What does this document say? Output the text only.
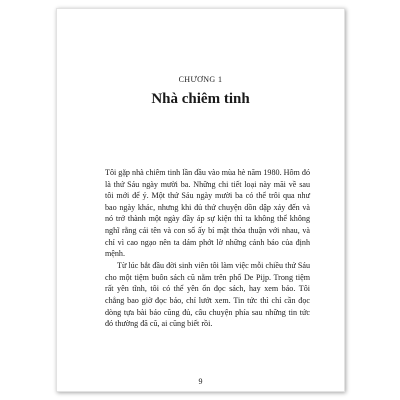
CHƯƠNG 1
Nhà chiêm tinh

Tôi gặp nhà chiêm tinh lần đầu vào mùa hè năm 1980. Hôm đó là thứ Sáu ngày mười ba. Những chi tiết loại này mãi về sau tôi mới để ý. Một thứ Sáu ngày mười ba có thể trôi qua như bao ngày khác, nhưng khi đủ thứ chuyện dồn dập xảy đến và nó trở thành một ngày đầy áp sự kiện thì ta không thể không nghĩ rằng cái tên và con số ấy bí mật thỏa thuận với nhau, và chỉ vì cao ngạo nên ta dám phớt lờ những cảnh báo của định mệnh.

Từ lúc bắt đầu đời sinh viên tôi làm việc mỗi chiều thứ Sáu cho một tiệm buôn sách cũ nằm trên phố De Pijp. Trong tiệm rất yên tĩnh, tôi có thể yên ổn đọc sách, hay xem báo. Tôi chẳng bao giờ đọc báo, chỉ lướt xem. Tin tức thì chỉ cần đọc dòng tựa bài báo cũng đủ, câu chuyện phía sau những tin tức đó thường đã cũ, ai cũng biết rồi.

9
